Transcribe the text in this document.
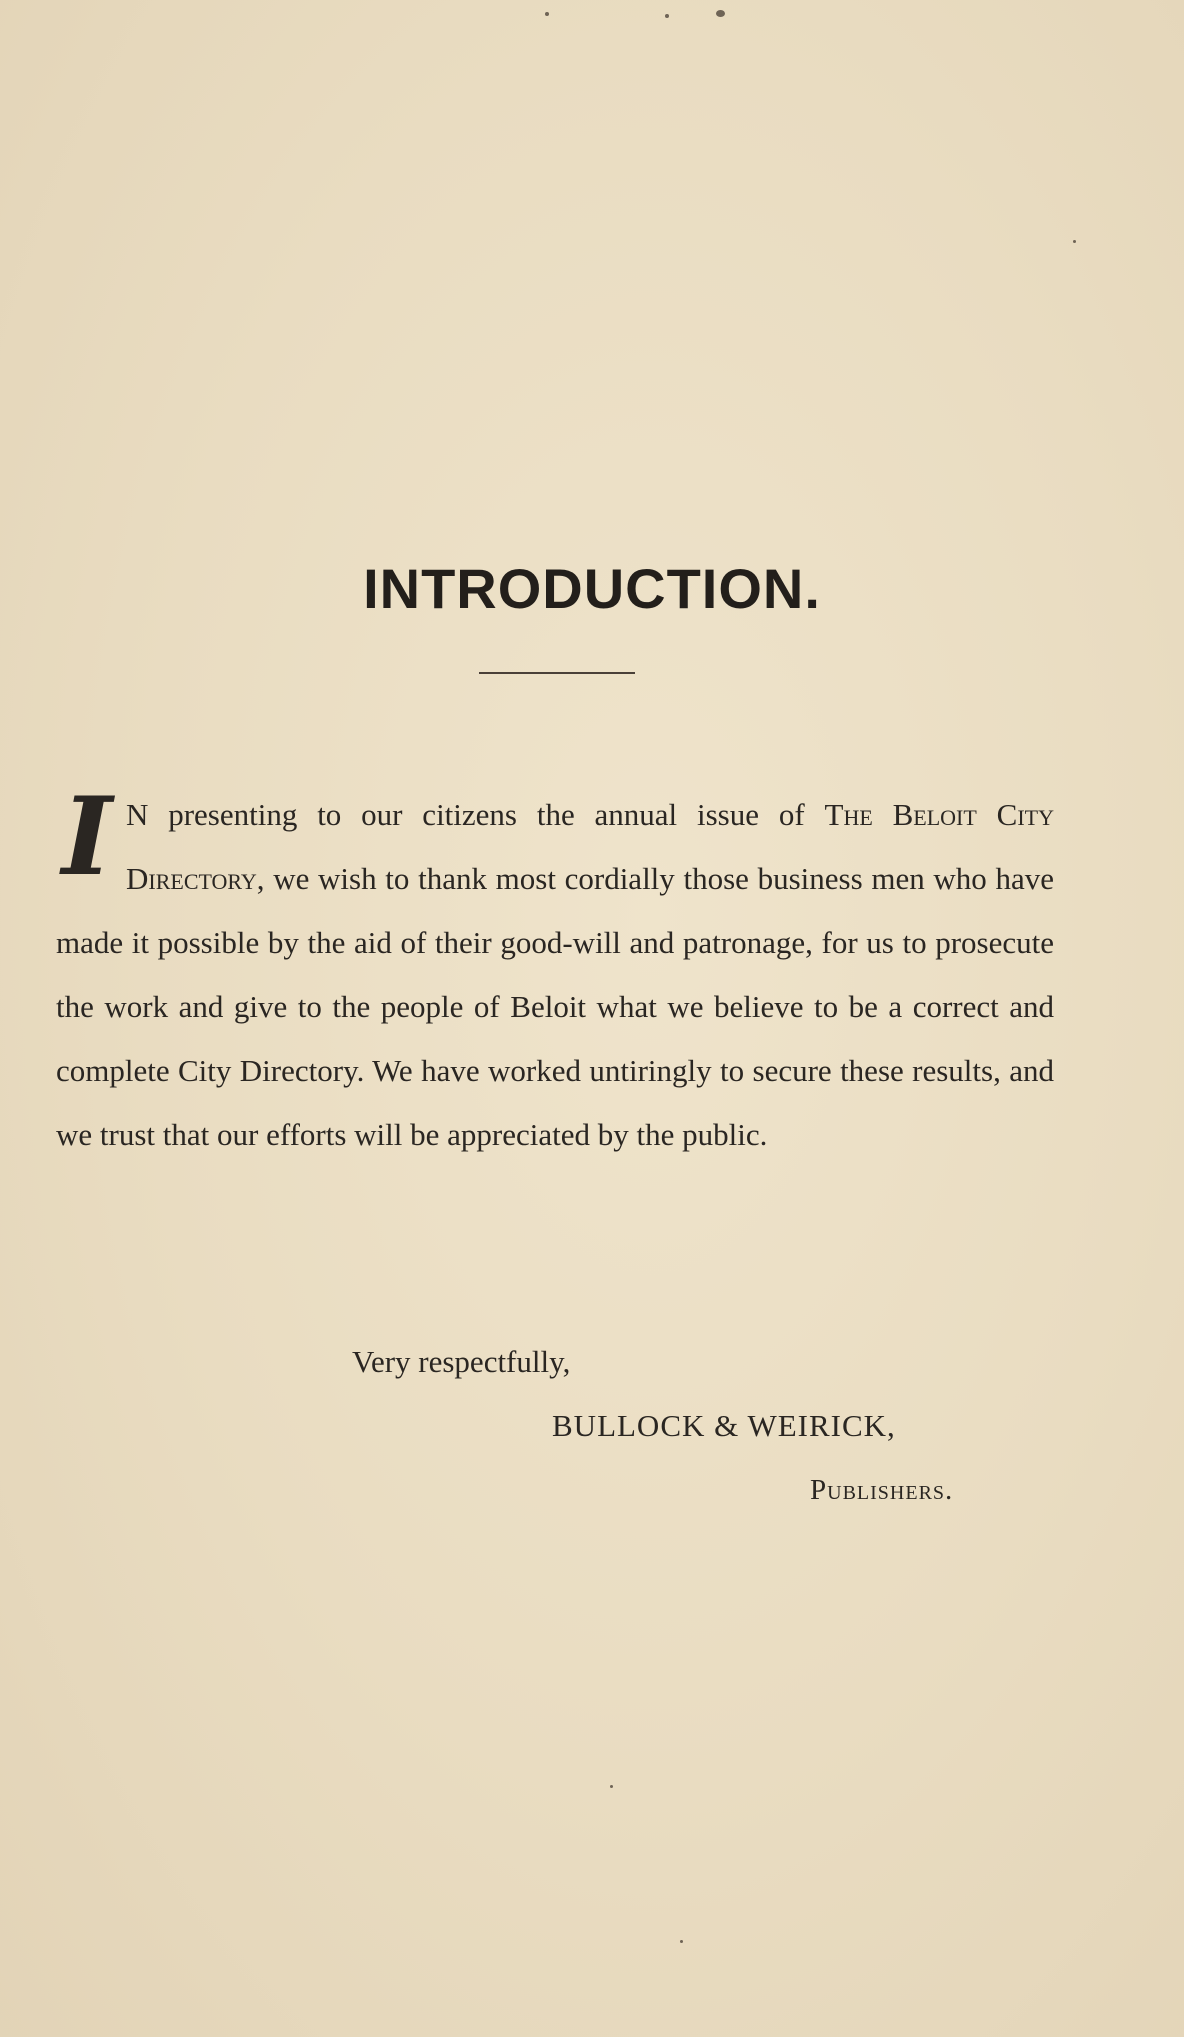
INTRODUCTION.

I N presenting to our citizens the annual issue of The Beloit City Directory, we wish to thank most cordially those business men who have made it possible by the aid of their good-will and patronage, for us to prosecute the work and give to the people of Beloit what we believe to be a correct and complete City Directory. We have worked untiringly to secure these results, and we trust that our efforts will be appreciated by the public.

Very respectfully,
BULLOCK & WEIRICK,
Publishers.
